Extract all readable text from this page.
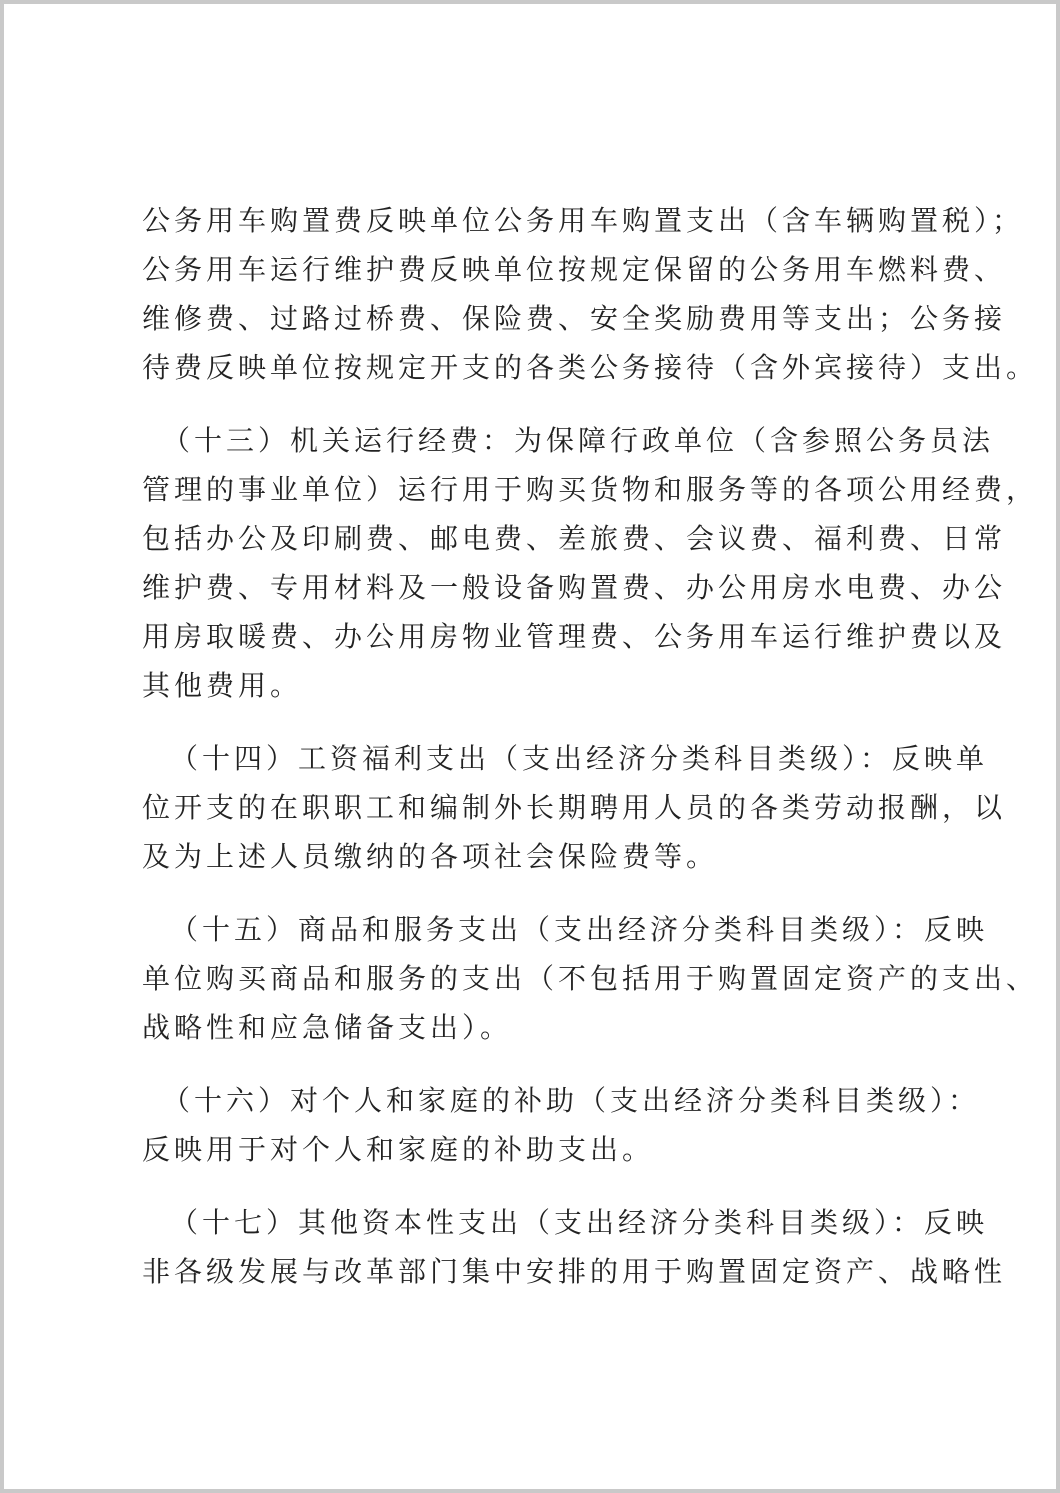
公务用车购置费反映单位公务用车购置支出（含车辆购置税）；
公务用车运行维护费反映单位按规定保留的公务用车燃料费、
维修费、过路过桥费、保险费、安全奖励费用等支出；公务接
待费反映单位按规定开支的各类公务接待（含外宾接待）支出。
（十三）机关运行经费：为保障行政单位（含参照公务员法
管理的事业单位）运行用于购买货物和服务等的各项公用经费，
包括办公及印刷费、邮电费、差旅费、会议费、福利费、日常
维护费、专用材料及一般设备购置费、办公用房水电费、办公
用房取暖费、办公用房物业管理费、公务用车运行维护费以及
其他费用。
（十四）工资福利支出（支出经济分类科目类级）：反映单
位开支的在职职工和编制外长期聘用人员的各类劳动报酬，以
及为上述人员缴纳的各项社会保险费等。
（十五）商品和服务支出（支出经济分类科目类级）：反映
单位购买商品和服务的支出（不包括用于购置固定资产的支出、
战略性和应急储备支出）。
（十六）对个人和家庭的补助（支出经济分类科目类级）：
反映用于对个人和家庭的补助支出。
（十七）其他资本性支出（支出经济分类科目类级）：反映
非各级发展与改革部门集中安排的用于购置固定资产、战略性
